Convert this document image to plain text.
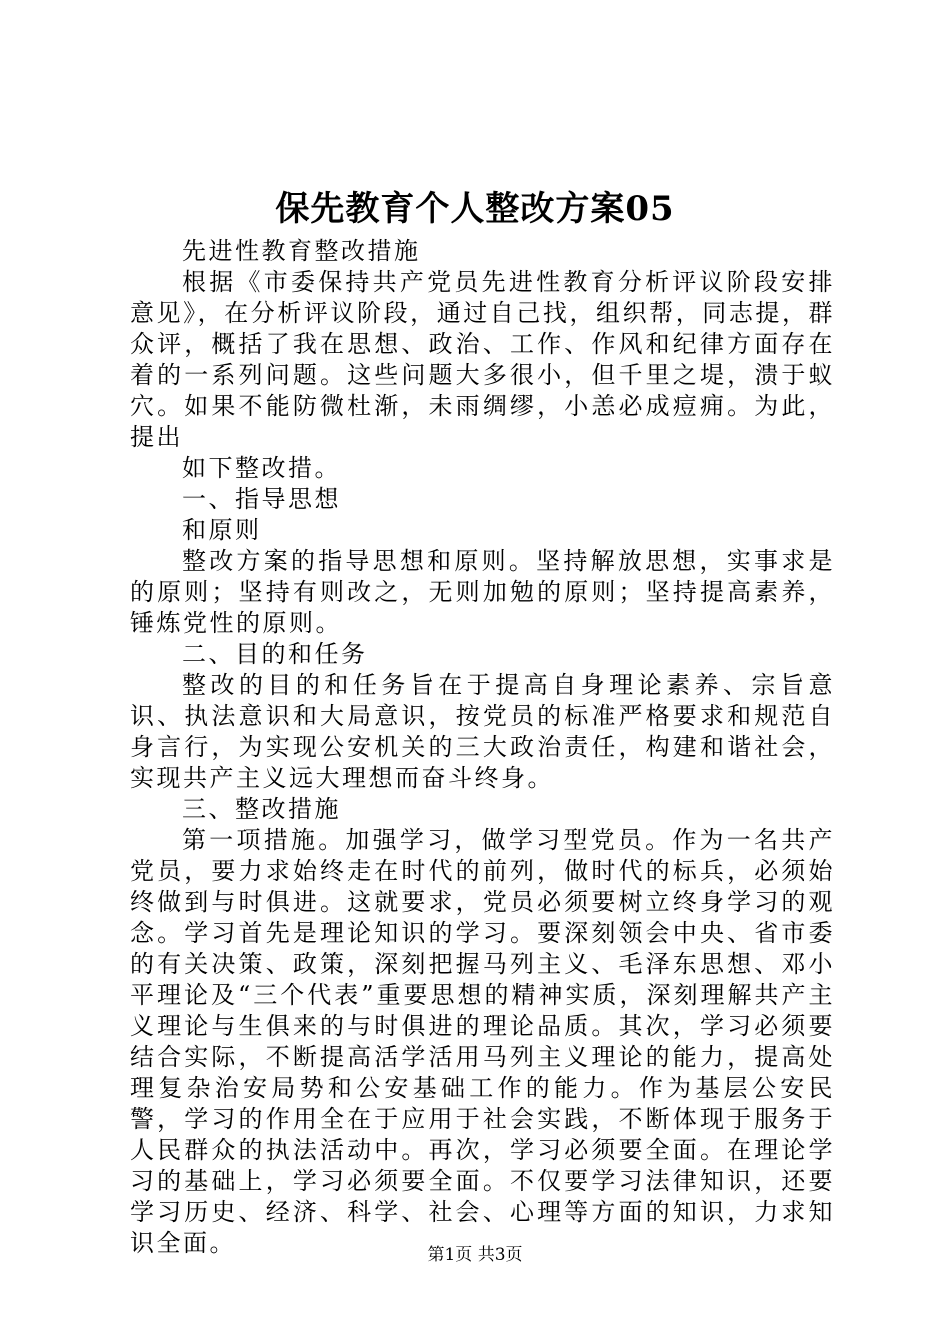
保先教育个人整改方案05

先进性教育整改措施

根据《市委保持共产党员先进性教育分析评议阶段安排意见》，在分析评议阶段，通过自己找，组织帮，同志提，群众评，概括了我在思想、政治、工作、作风和纪律方面存在着的一系列问题。这些问题大多很小，但千里之堤，溃于蚁穴。如果不能防微杜渐，未雨绸缪，小恙必成痘痈。为此，提出

如下整改措。

一、指导思想

和原则

整改方案的指导思想和原则。坚持解放思想，实事求是的原则；坚持有则改之，无则加勉的原则；坚持提高素养，锤炼党性的原则。

二、目的和任务

整改的目的和任务旨在于提高自身理论素养、宗旨意识、执法意识和大局意识，按党员的标准严格要求和规范自身言行，为实现公安机关的三大政治责任，构建和谐社会，实现共产主义远大理想而奋斗终身。

三、整改措施

第一项措施。加强学习，做学习型党员。作为一名共产党员，要力求始终走在时代的前列，做时代的标兵，必须始终做到与时俱进。这就要求，党员必须要树立终身学习的观念。学习首先是理论知识的学习。要深刻领会中央、省市委的有关决策、政策，深刻把握马列主义、毛泽东思想、邓小平理论及“三个代表”重要思想的精神实质，深刻理解共产主义理论与生俱来的与时俱进的理论品质。其次，学习必须要结合实际，不断提高活学活用马列主义理论的能力，提高处理复杂治安局势和公安基础工作的能力。作为基层公安民警，学习的作用全在于应用于社会实践，不断体现于服务于人民群众的执法活动中。再次，学习必须要全面。在理论学习的基础上，学习必须要全面。不仅要学习法律知识，还要学习历史、经济、科学、社会、心理等方面的知识，力求知识全面。	第1页 共3页
